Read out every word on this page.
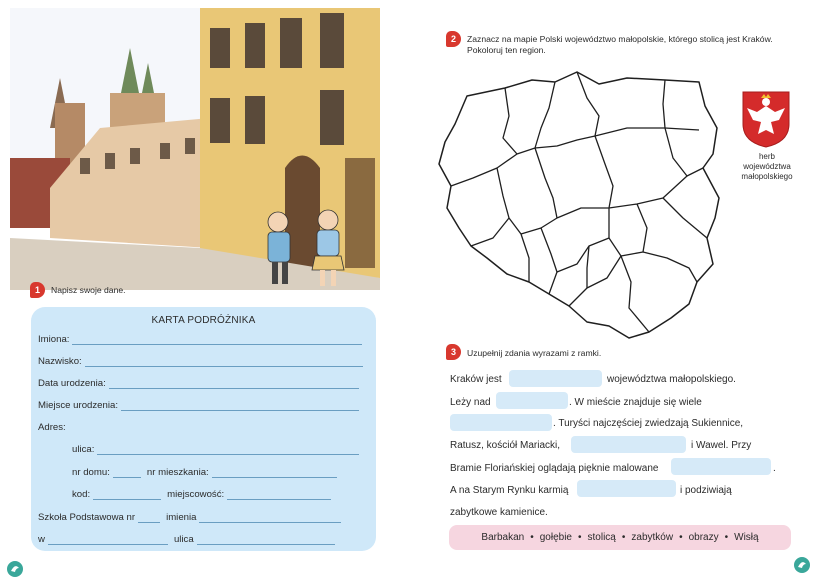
1	Napisz swoje dane.
KARTA PODRÓŻNIKA
Imiona:
Nazwisko:
Data urodzenia:
Miejsce urodzenia:
Adres:
ulica:
nr domu:	nr mieszkania:
kod:	miejscowość:
Szkoła Podstawowa nr	imienia
w	ulica
2	Zaznacz na mapie Polski województwo małopolskie, którego stolicą jest Kraków.
Pokoloruj ten region.
herb
województwa
małopolskiego
3	Uzupełnij zdania wyrazami z ramki.
Kraków jest	województwa małopolskiego.
Leży nad	. W mieście znajduje się wiele
. Turyści najczęściej zwiedzają Sukiennice,
Ratusz, kościół Mariacki,	i Wawel. Przy
Bramie Floriańskiej oglądają pięknie malowane	.
A na Starym Rynku karmią	i podziwiają
zabytkowe kamienice.
Barbakan • gołębie • stolicą • zabytków • obrazy • Wisłą
